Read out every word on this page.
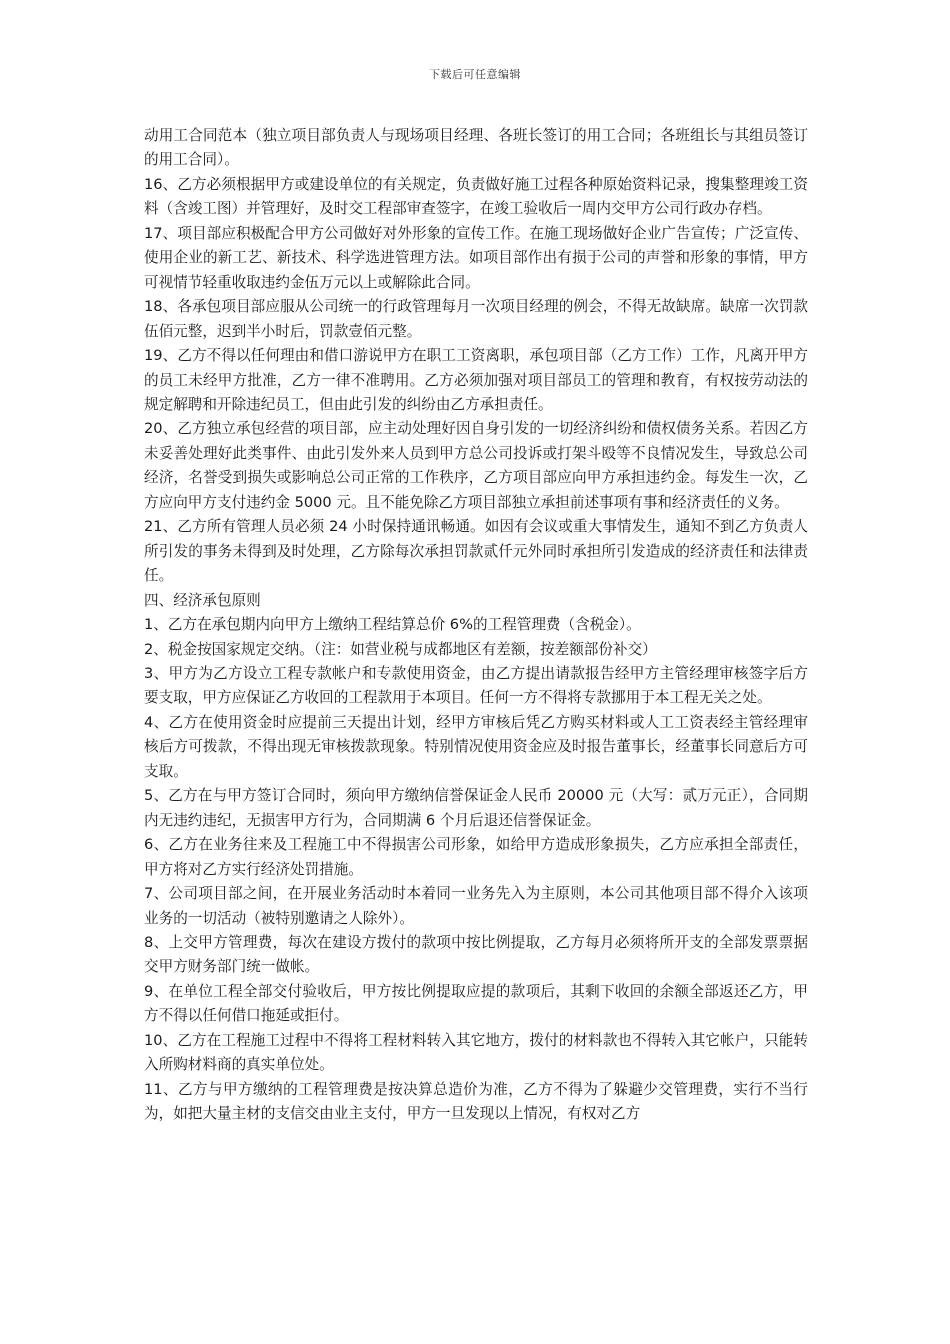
下载后可任意编辑

动用工合同范本（独立项目部负责人与现场项目经理、各班长签订的用工合同；各班组长与其组员签订的用工合同）。

16、乙方必须根据甲方或建设单位的有关规定，负责做好施工过程各种原始资料记录，搜集整理竣工资料（含竣工图）并管理好，及时交工程部审查签字，在竣工验收后一周内交甲方公司行政办存档。

17、项目部应积极配合甲方公司做好对外形象的宣传工作。在施工现场做好企业广告宣传；广泛宣传、使用企业的新工艺、新技术、科学选进管理方法。如项目部作出有损于公司的声誉和形象的事情，甲方可视情节轻重收取违约金伍万元以上或解除此合同。

18、各承包项目部应服从公司统一的行政管理每月一次项目经理的例会，不得无故缺席。缺席一次罚款伍佰元整，迟到半小时后，罚款壹佰元整。

19、乙方不得以任何理由和借口游说甲方在职工工资离职，承包项目部（乙方工作）工作，凡离开甲方的员工未经甲方批准，乙方一律不准聘用。乙方必须加强对项目部员工的管理和教育，有权按劳动法的规定解聘和开除违纪员工，但由此引发的纠纷由乙方承担责任。

20、乙方独立承包经营的项目部，应主动处理好因自身引发的一切经济纠纷和债权债务关系。若因乙方未妥善处理好此类事件、由此引发外来人员到甲方总公司投诉或打架斗殴等不良情况发生，导致总公司经济，名誉受到损失或影响总公司正常的工作秩序，乙方项目部应向甲方承担违约金。每发生一次，乙方应向甲方支付违约金 5000 元。且不能免除乙方项目部独立承担前述事项有事和经济责任的义务。

21、乙方所有管理人员必须 24 小时保持通讯畅通。如因有会议或重大事情发生，通知不到乙方负责人所引发的事务未得到及时处理，乙方除每次承担罚款贰仟元外同时承担所引发造成的经济责任和法律责任。

四、经济承包原则

1、乙方在承包期内向甲方上缴纳工程结算总价 6%的工程管理费（含税金）。

2、税金按国家规定交纳。（注：如营业税与成都地区有差额，按差额部份补交）

3、甲方为乙方设立工程专款帐户和专款使用资金，由乙方提出请款报告经甲方主管经理审核签字后方要支取，甲方应保证乙方收回的工程款用于本项目。任何一方不得将专款挪用于本工程无关之处。

4、乙方在使用资金时应提前三天提出计划，经甲方审核后凭乙方购买材料或人工工资表经主管经理审核后方可拨款，不得出现无审核拨款现象。特别情况使用资金应及时报告董事长，经董事长同意后方可支取。

5、乙方在与甲方签订合同时，须向甲方缴纳信誉保证金人民币 20000 元（大写：贰万元正），合同期内无违约违纪，无损害甲方行为，合同期满 6 个月后退还信誉保证金。

6、乙方在业务往来及工程施工中不得损害公司形象，如给甲方造成形象损失，乙方应承担全部责任，甲方将对乙方实行经济处罚措施。

7、公司项目部之间，在开展业务活动时本着同一业务先入为主原则，本公司其他项目部不得介入该项业务的一切活动（被特别邀请之人除外）。

8、上交甲方管理费，每次在建设方拨付的款项中按比例提取，乙方每月必须将所开支的全部发票票据交甲方财务部门统一做帐。

9、在单位工程全部交付验收后，甲方按比例提取应提的款项后，其剩下收回的余额全部返还乙方，甲方不得以任何借口拖延或拒付。

10、乙方在工程施工过程中不得将工程材料转入其它地方，拨付的材料款也不得转入其它帐户，只能转入所购材料商的真实单位处。

11、乙方与甲方缴纳的工程管理费是按决算总造价为准，乙方不得为了躲避少交管理费，实行不当行为，如把大量主材的支信交由业主支付，甲方一旦发现以上情况，有权对乙方
